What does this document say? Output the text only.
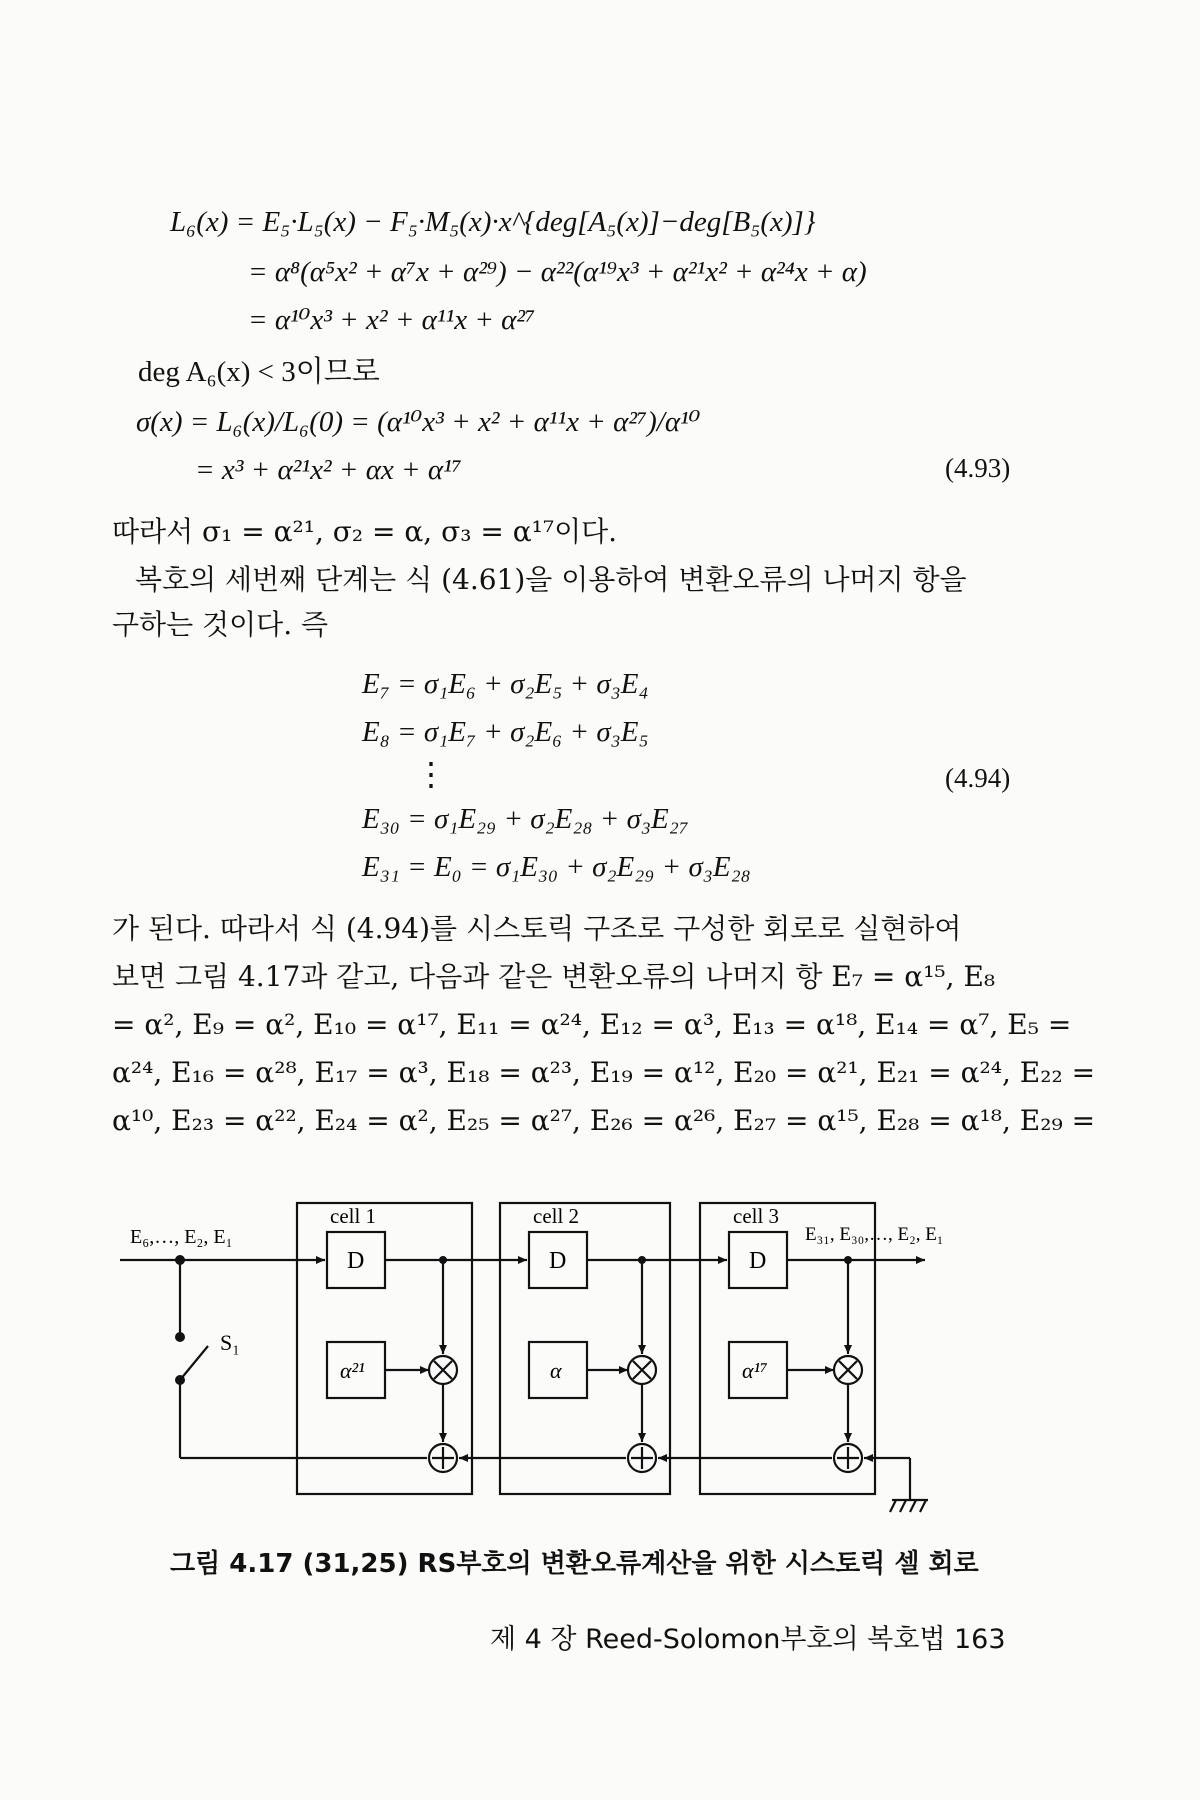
L₆(x) = E₅·L₅(x) − F₅·M₅(x)·x^{deg[A₅(x)]−deg[B₅(x)]}
= α⁸(α⁵x² + α⁷x + α²⁹) − α²²(α¹⁹x³ + α²¹x² + α²⁴x + α)
= α¹⁰x³ + x² + α¹¹x + α²⁷
deg A₆(x) < 3이므로
σ(x) = L₆(x)/L₆(0) = (α¹⁰x³ + x² + α¹¹x + α²⁷)/α¹⁰
= x³ + α²¹x² + αx + α¹⁷	(4.93)
따라서 σ₁ = α²¹, σ₂ = α, σ₃ = α¹⁷이다.
복호의 세번째 단계는 식 (4.61)을 이용하여 변환오류의 나머지 항을
구하는 것이다. 즉
E₇ = σ₁E₆ + σ₂E₅ + σ₃E₄
E₈ = σ₁E₇ + σ₂E₆ + σ₃E₅
⋮	(4.94)
E₃₀ = σ₁E₂₉ + σ₂E₂₈ + σ₃E₂₇
E₃₁ = E₀ = σ₁E₃₀ + σ₂E₂₉ + σ₃E₂₈
가 된다. 따라서 식 (4.94)를 시스토릭 구조로 구성한 회로로 실현하여
보면 그림 4.17과 같고, 다음과 같은 변환오류의 나머지 항 E₇ = α¹⁵, E₈
= α², E₉ = α², E₁₀ = α¹⁷, E₁₁ = α²⁴, E₁₂ = α³, E₁₃ = α¹⁸, E₁₄ = α⁷, E₅ =
α²⁴, E₁₆ = α²⁸, E₁₇ = α³, E₁₈ = α²³, E₁₉ = α¹², E₂₀ = α²¹, E₂₁ = α²⁴, E₂₂ =
α¹⁰, E₂₃ = α²², E₂₄ = α², E₂₅ = α²⁷, E₂₆ = α²⁶, E₂₇ = α¹⁵, E₂₈ = α¹⁸, E₂₉ =
E₆,…, E₂, E₁	E₃₁, E₃₀,…, E₂, E₁
S₁
cell 1	cell 2	cell 3
D	D	D
α²¹	α	α¹⁷
그림 4.17 (31,25) RS부호의 변환오류계산을 위한 시스토릭 셀 회로
제 4 장 Reed-Solomon부호의 복호법 163
